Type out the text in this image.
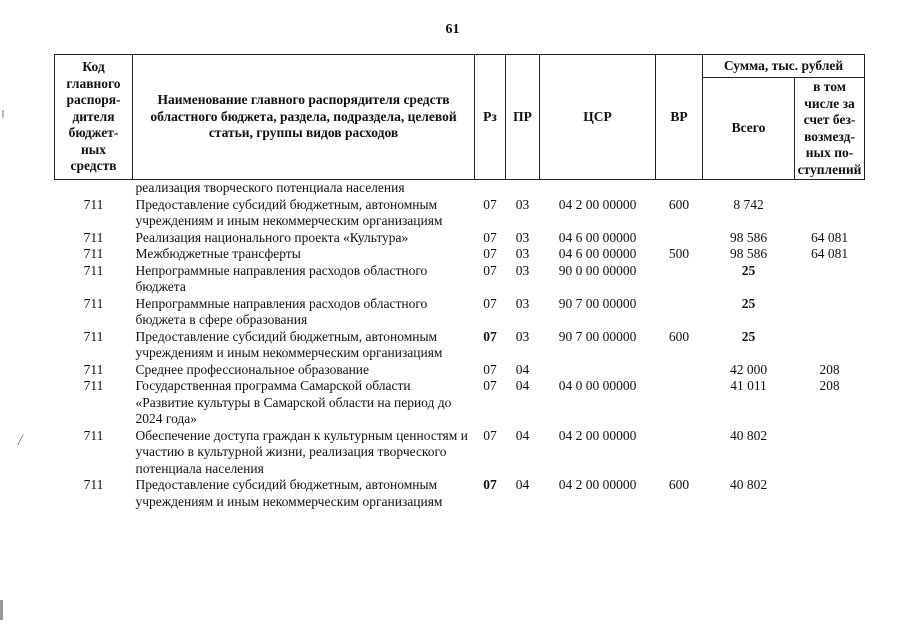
61
/
Код главного распоря-дителя бюджет-ных средств	Наименование главного распорядителя средств областного бюджета, раздела, подраздела, целевой статьи, группы видов расходов	Рз	ПР	ЦСР	ВР	Сумма, тыс. рублей	
						Всего	в том числе за счет без-возмезд-ных по-ступлений
	реализация творческого потенциала населения						
711	Предоставление субсидий бюджетным, автономным учреждениям и иным некоммерческим организациям	07	03	04 2 00 00000	600	8 742	
711	Реализация национального проекта «Культура»	07	03	04 6 00 00000		98 586	64 081
711	Межбюджетные трансферты	07	03	04 6 00 00000	500	98 586	64 081
711	Непрограммные направления расходов областного бюджета	07	03	90 0 00 00000		25	
711	Непрограммные направления расходов областного бюджета в сфере образования	07	03	90 7 00 00000		25	
711	Предоставление субсидий бюджетным, автономным учреждениям и иным некоммерческим организациям	07	03	90 7 00 00000	600	25	
711	Среднее профессиональное образование	07	04			42 000	208
711	Государственная программа Самарской области «Развитие культуры в Самарской области на период до 2024 года»	07	04	04 0 00 00000		41 011	208
711	Обеспечение доступа граждан к культурным ценностям и участию в культурной жизни, реализация творческого потенциала населения	07	04	04 2 00 00000		40 802	
711	Предоставление субсидий бюджетным, автономным учреждениям и иным некоммерческим организациям	07	04	04 2 00 00000	600	40 802	
